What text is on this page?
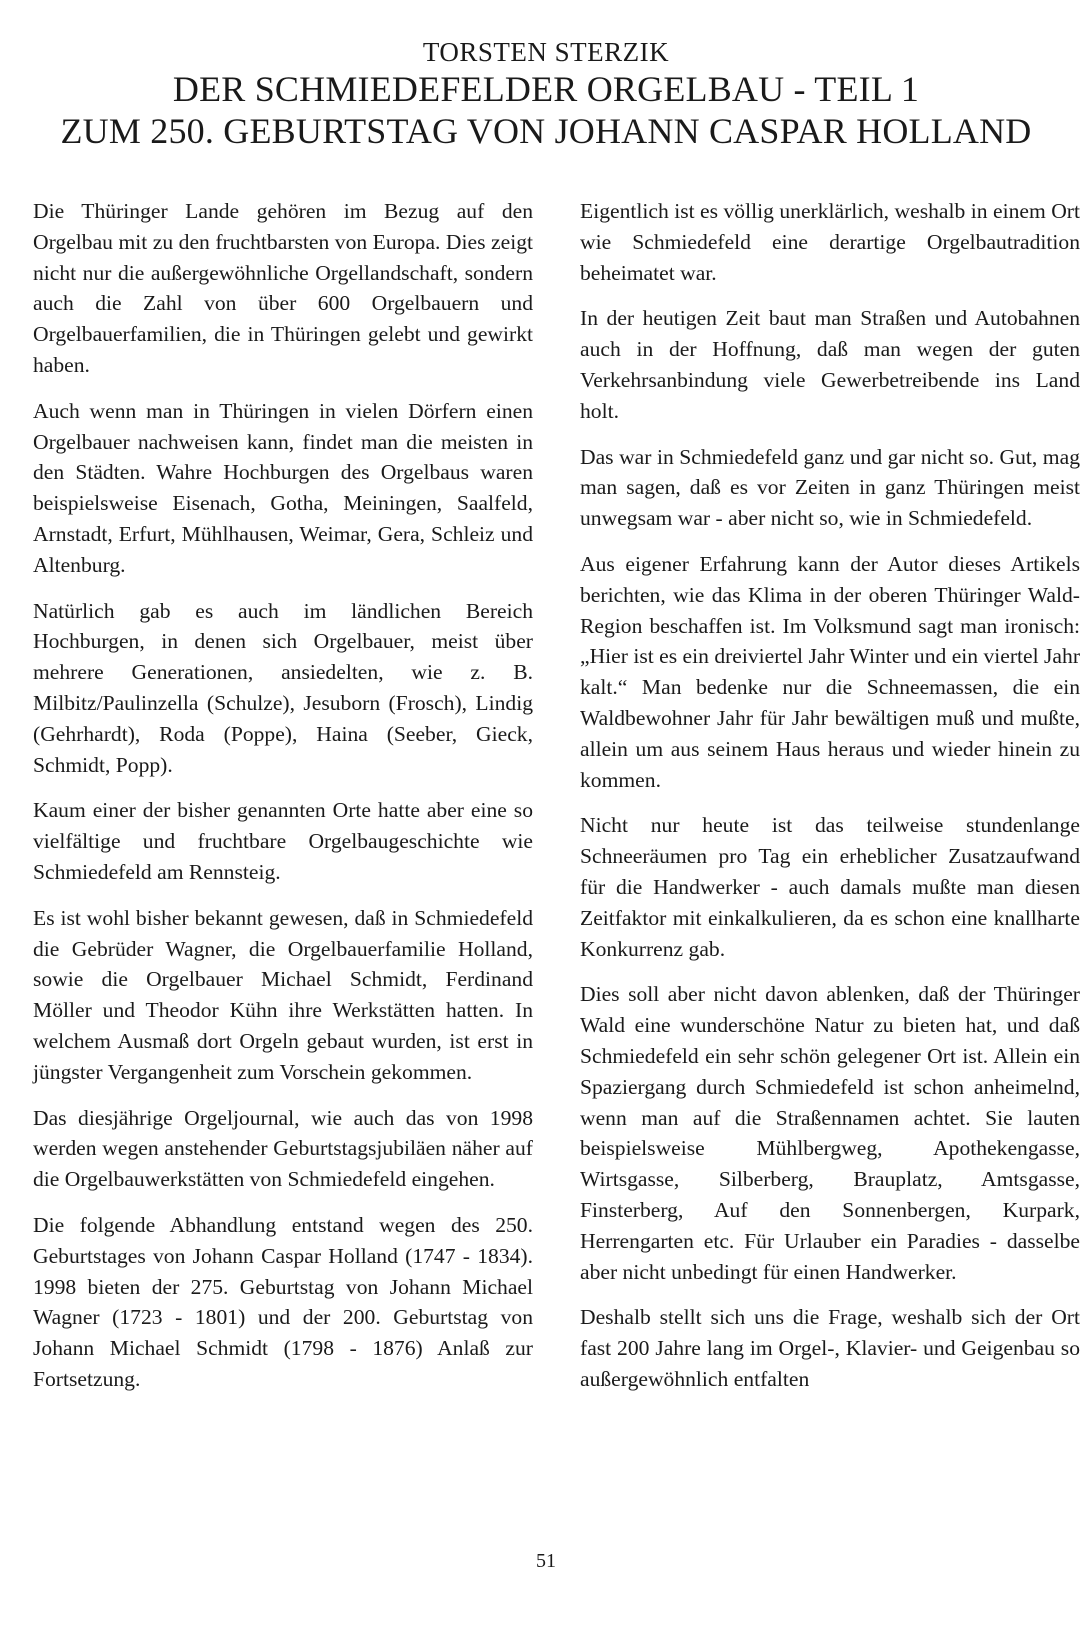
TORSTEN STERZIK
DER SCHMIEDEFELDER ORGELBAU - TEIL 1
ZUM 250. GEBURTSTAG VON JOHANN CASPAR HOLLAND

Die Thüringer Lande gehören im Bezug auf den Orgelbau mit zu den fruchtbarsten von Europa. Dies zeigt nicht nur die außergewöhnliche Orgellandschaft, sondern auch die Zahl von über 600 Orgelbauern und Orgelbauerfamilien, die in Thüringen gelebt und gewirkt haben.

Auch wenn man in Thüringen in vielen Dörfern einen Orgelbauer nachweisen kann, findet man die meisten in den Städten. Wahre Hochburgen des Orgelbaus waren beispielsweise Eisenach, Gotha, Meiningen, Saalfeld, Arnstadt, Erfurt, Mühlhausen, Weimar, Gera, Schleiz und Altenburg.

Natürlich gab es auch im ländlichen Bereich Hochburgen, in denen sich Orgelbauer, meist über mehrere Generationen, ansiedelten, wie z. B. Milbitz/Paulinzella (Schulze), Jesuborn (Frosch), Lindig (Gehrhardt), Roda (Poppe), Haina (Seeber, Gieck, Schmidt, Popp).

Kaum einer der bisher genannten Orte hatte aber eine so vielfältige und fruchtbare Orgelbaugeschichte wie Schmiedefeld am Rennsteig.

Es ist wohl bisher bekannt gewesen, daß in Schmiedefeld die Gebrüder Wagner, die Orgelbauerfamilie Holland, sowie die Orgelbauer Michael Schmidt, Ferdinand Möller und Theodor Kühn ihre Werkstätten hatten. In welchem Ausmaß dort Orgeln gebaut wurden, ist erst in jüngster Vergangenheit zum Vorschein gekommen.

Das diesjährige Orgeljournal, wie auch das von 1998 werden wegen anstehender Geburtstagsjubiläen näher auf die Orgelbauwerkstätten von Schmiedefeld eingehen.

Die folgende Abhandlung entstand wegen des 250. Geburtstages von Johann Caspar Holland (1747 - 1834). 1998 bieten der 275. Geburtstag von Johann Michael Wagner (1723 - 1801) und der 200. Geburtstag von Johann Michael Schmidt (1798 - 1876) Anlaß zur Fortsetzung.

Eigentlich ist es völlig unerklärlich, weshalb in einem Ort wie Schmiedefeld eine derartige Orgelbautradition beheimatet war.

In der heutigen Zeit baut man Straßen und Autobahnen auch in der Hoffnung, daß man wegen der guten Verkehrsanbindung viele Gewerbetreibende ins Land holt.

Das war in Schmiedefeld ganz und gar nicht so. Gut, mag man sagen, daß es vor Zeiten in ganz Thüringen meist unwegsam war - aber nicht so, wie in Schmiedefeld.

Aus eigener Erfahrung kann der Autor dieses Artikels berichten, wie das Klima in der oberen Thüringer Wald-Region beschaffen ist. Im Volksmund sagt man ironisch: „Hier ist es ein dreiviertel Jahr Winter und ein viertel Jahr kalt.“ Man bedenke nur die Schneemassen, die ein Waldbewohner Jahr für Jahr bewältigen muß und mußte, allein um aus seinem Haus heraus und wieder hinein zu kommen.

Nicht nur heute ist das teilweise stundenlange Schneeräumen pro Tag ein erheblicher Zusatzaufwand für die Handwerker - auch damals mußte man diesen Zeitfaktor mit einkalkulieren, da es schon eine knallharte Konkurrenz gab.

Dies soll aber nicht davon ablenken, daß der Thüringer Wald eine wunderschöne Natur zu bieten hat, und daß Schmiedefeld ein sehr schön gelegener Ort ist. Allein ein Spaziergang durch Schmiedefeld ist schon anheimelnd, wenn man auf die Straßennamen achtet. Sie lauten beispielsweise Mühlbergweg, Apothekengasse, Wirtsgasse, Silberberg, Brauplatz, Amtsgasse, Finsterberg, Auf den Sonnenbergen, Kurpark, Herrengarten etc. Für Urlauber ein Paradies - dasselbe aber nicht unbedingt für einen Handwerker.

Deshalb stellt sich uns die Frage, weshalb sich der Ort fast 200 Jahre lang im Orgel-, Klavier- und Geigenbau so außergewöhnlich entfalten

51
